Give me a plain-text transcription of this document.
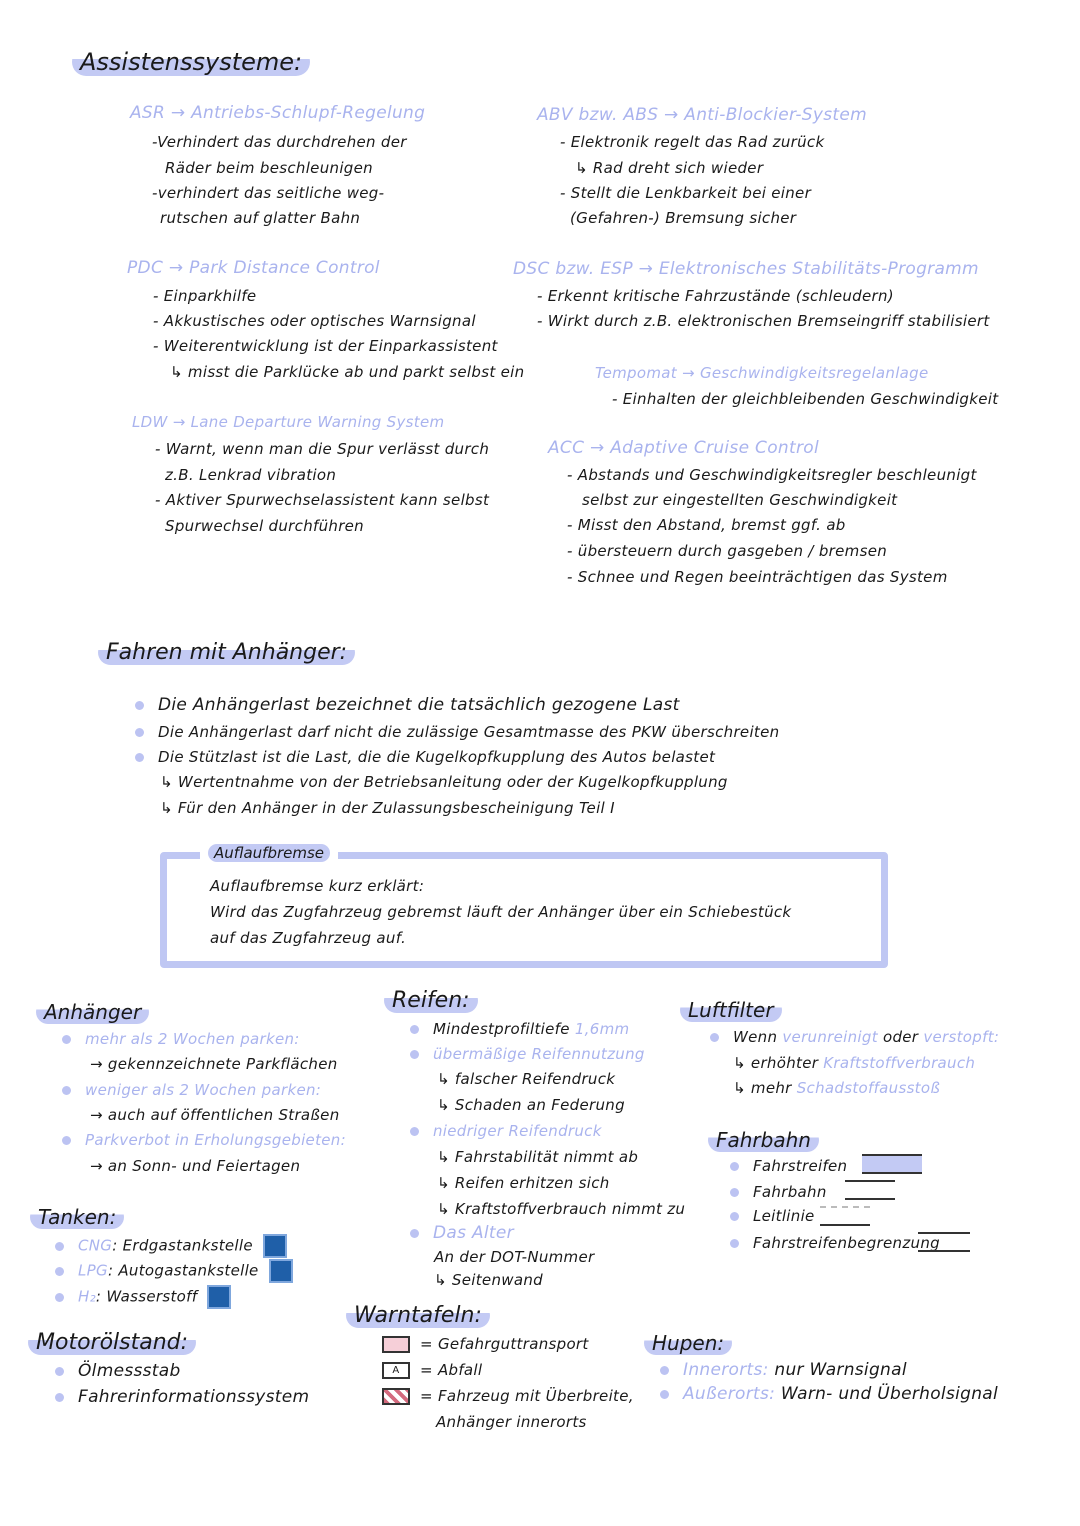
Assistenssysteme:
ASR → Antriebs-Schlupf-Regelung
-Verhindert das durchdrehen der
Räder beim beschleunigen
-verhindert das seitliche weg-
rutschen auf glatter Bahn
ABV bzw. ABS → Anti-Blockier-System
- Elektronik regelt das Rad zurück
↳ Rad dreht sich wieder
- Stellt die Lenkbarkeit bei einer
(Gefahren-) Bremsung sicher
PDC → Park Distance Control
- Einparkhilfe
- Akkustisches oder optisches Warnsignal
- Weiterentwicklung ist der Einparkassistent
↳ misst die Parklücke ab und parkt selbst ein
DSC bzw. ESP → Elektronisches Stabilitäts-Programm
- Erkennt kritische Fahrzustände (schleudern)
- Wirkt durch z.B. elektronischen Bremseingriff stabilisiert
Tempomat → Geschwindigkeitsregelanlage
- Einhalten der gleichbleibenden Geschwindigkeit
LDW → Lane Departure Warning System
- Warnt, wenn man die Spur verlässt durch
z.B. Lenkrad vibration
- Aktiver Spurwechselassistent kann selbst
Spurwechsel durchführen
ACC → Adaptive Cruise Control
- Abstands und Geschwindigkeitsregler beschleunigt
selbst zur eingestellten Geschwindigkeit
- Misst den Abstand, bremst ggf. ab
- übersteuern durch gasgeben / bremsen
- Schnee und Regen beeinträchtigen das System
Fahren mit Anhänger:
Die Anhängerlast bezeichnet die tatsächlich gezogene Last
Die Anhängerlast darf nicht die zulässige Gesamtmasse des PKW überschreiten
Die Stützlast ist die Last, die die Kugelkopfkupplung des Autos belastet
↳ Wertentnahme von der Betriebsanleitung oder der Kugelkopfkupplung
↳ Für den Anhänger in der Zulassungsbescheinigung Teil I
Auflaufbremse
Auflaufbremse kurz erklärt:
Wird das Zugfahrzeug gebremst läuft der Anhänger über ein Schiebestück
auf das Zugfahrzeug auf.
Anhänger
mehr als 2 Wochen parken:
→ gekennzeichnete Parkflächen
weniger als 2 Wochen parken:
→ auch auf öffentlichen Straßen
Parkverbot in Erholungsgebieten:
→ an Sonn- und Feiertagen
Tanken:
CNG: Erdgastankstelle
LPG: Autogastankstelle
H₂: Wasserstoff
Motorölstand:
Ölmessstab
Fahrerinformationssystem
Reifen:
Mindestprofiltiefe 1,6mm
übermäßige Reifennutzung
↳ falscher Reifendruck
↳ Schaden an Federung
niedriger Reifendruck
↳ Fahrstabilität nimmt ab
↳ Reifen erhitzen sich
↳ Kraftstoffverbrauch nimmt zu
Das Alter
An der DOT-Nummer
↳ Seitenwand
Luftfilter
Wenn verunreinigt oder verstopft:
↳ erhöhter Kraftstoffverbrauch
↳ mehr Schadstoffausstoß
Fahrbahn
Fahrstreifen
Fahrbahn
Leitlinie
Fahrstreifenbegrenzung
Warntafeln:
= Gefahrguttransport
A = Abfall
= Fahrzeug mit Überbreite,
Anhänger innerorts
Hupen:
Innerorts: nur Warnsignal
Außerorts: Warn- und Überholsignal
